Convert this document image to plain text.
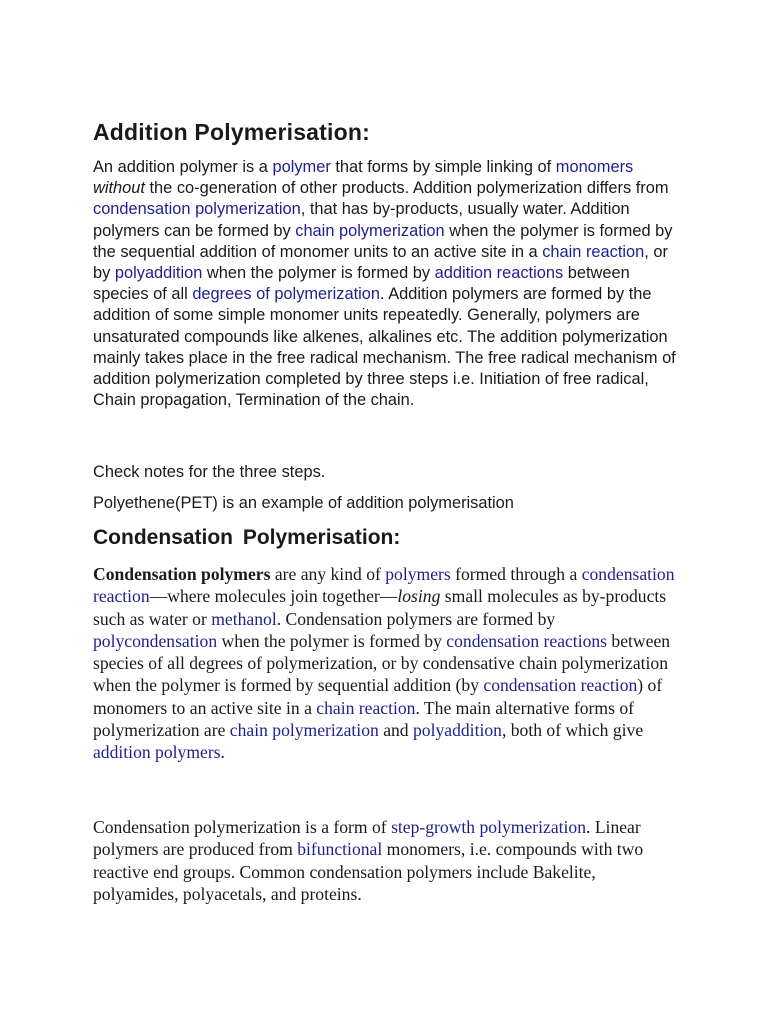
Addition Polymerisation:

An addition polymer is a polymer that forms by simple linking of monomers without the co-generation of other products. Addition polymerization differs from condensation polymerization, that has by-products, usually water. Addition polymers can be formed by chain polymerization when the polymer is formed by the sequential addition of monomer units to an active site in a chain reaction, or by polyaddition when the polymer is formed by addition reactions between species of all degrees of polymerization. Addition polymers are formed by the addition of some simple monomer units repeatedly. Generally, polymers are unsaturated compounds like alkenes, alkalines etc. The addition polymerization mainly takes place in the free radical mechanism. The free radical mechanism of addition polymerization completed by three steps i.e. Initiation of free radical, Chain propagation, Termination of the chain.

Check notes for the three steps.

Polyethene(PET) is an example of addition polymerisation

Condensation Polymerisation:

Condensation polymers are any kind of polymers formed through a condensation reaction—where molecules join together—losing small molecules as by-products such as water or methanol. Condensation polymers are formed by polycondensation when the polymer is formed by condensation reactions between species of all degrees of polymerization, or by condensative chain polymerization when the polymer is formed by sequential addition (by condensation reaction) of monomers to an active site in a chain reaction. The main alternative forms of polymerization are chain polymerization and polyaddition, both of which give addition polymers.

Condensation polymerization is a form of step-growth polymerization. Linear polymers are produced from bifunctional monomers, i.e. compounds with two reactive end groups. Common condensation polymers include Bakelite, polyamides, polyacetals, and proteins.
